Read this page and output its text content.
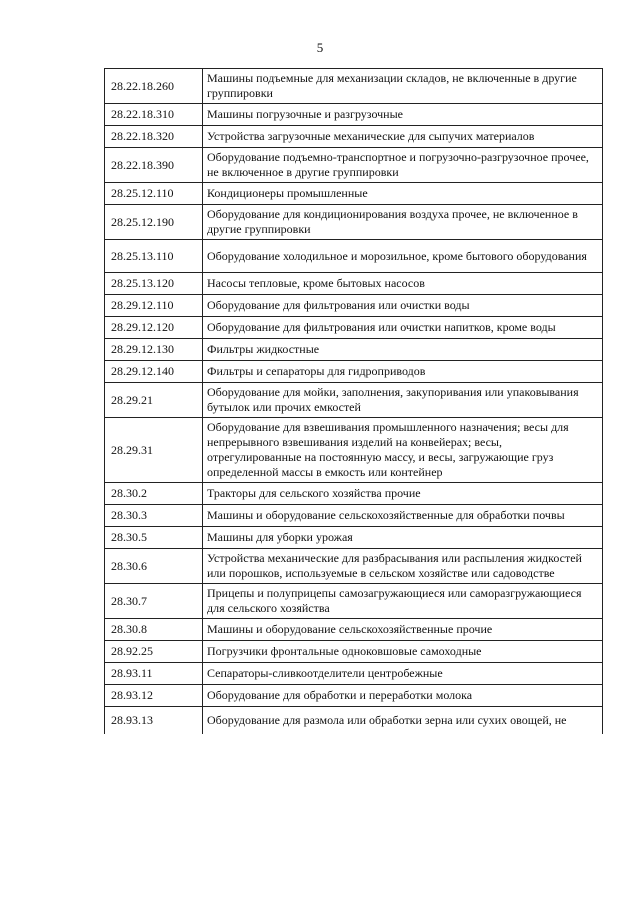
5
28.22.18.260	Машины подъемные для механизации складов, не включенные в другие группировки
28.22.18.310	Машины погрузочные и разгрузочные
28.22.18.320	Устройства загрузочные механические для сыпучих материалов
28.22.18.390	Оборудование подъемно-транспортное и погрузочно-разгрузочное прочее, не включенное в другие группировки
28.25.12.110	Кондиционеры промышленные
28.25.12.190	Оборудование для кондиционирования воздуха прочее, не включенное в другие группировки
28.25.13.110	Оборудование холодильное и морозильное, кроме бытового оборудования
28.25.13.120	Насосы тепловые, кроме бытовых насосов
28.29.12.110	Оборудование для фильтрования или очистки воды
28.29.12.120	Оборудование для фильтрования или очистки напитков, кроме воды
28.29.12.130	Фильтры жидкостные
28.29.12.140	Фильтры и сепараторы для гидроприводов
28.29.21	Оборудование для мойки, заполнения, закупоривания или упаковывания бутылок или прочих емкостей
28.29.31	Оборудование для взвешивания промышленного назначения; весы для непрерывного взвешивания изделий на конвейерах; весы, отрегулированные на постоянную массу, и весы, загружающие груз определенной массы в емкость или контейнер
28.30.2	Тракторы для сельского хозяйства прочие
28.30.3	Машины и оборудование сельскохозяйственные для обработки почвы
28.30.5	Машины для уборки урожая
28.30.6	Устройства механические для разбрасывания или распыления жидкостей или порошков, используемые в сельском хозяйстве или садоводстве
28.30.7	Прицепы и полуприцепы самозагружающиеся или саморазгружающиеся для сельского хозяйства
28.30.8	Машины и оборудование сельскохозяйственные прочие
28.92.25	Погрузчики фронтальные одноковшовые самоходные
28.93.11	Сепараторы-сливкоотделители центробежные
28.93.12	Оборудование для обработки и переработки молока
28.93.13	Оборудование для размола или обработки зерна или сухих овощей, не
